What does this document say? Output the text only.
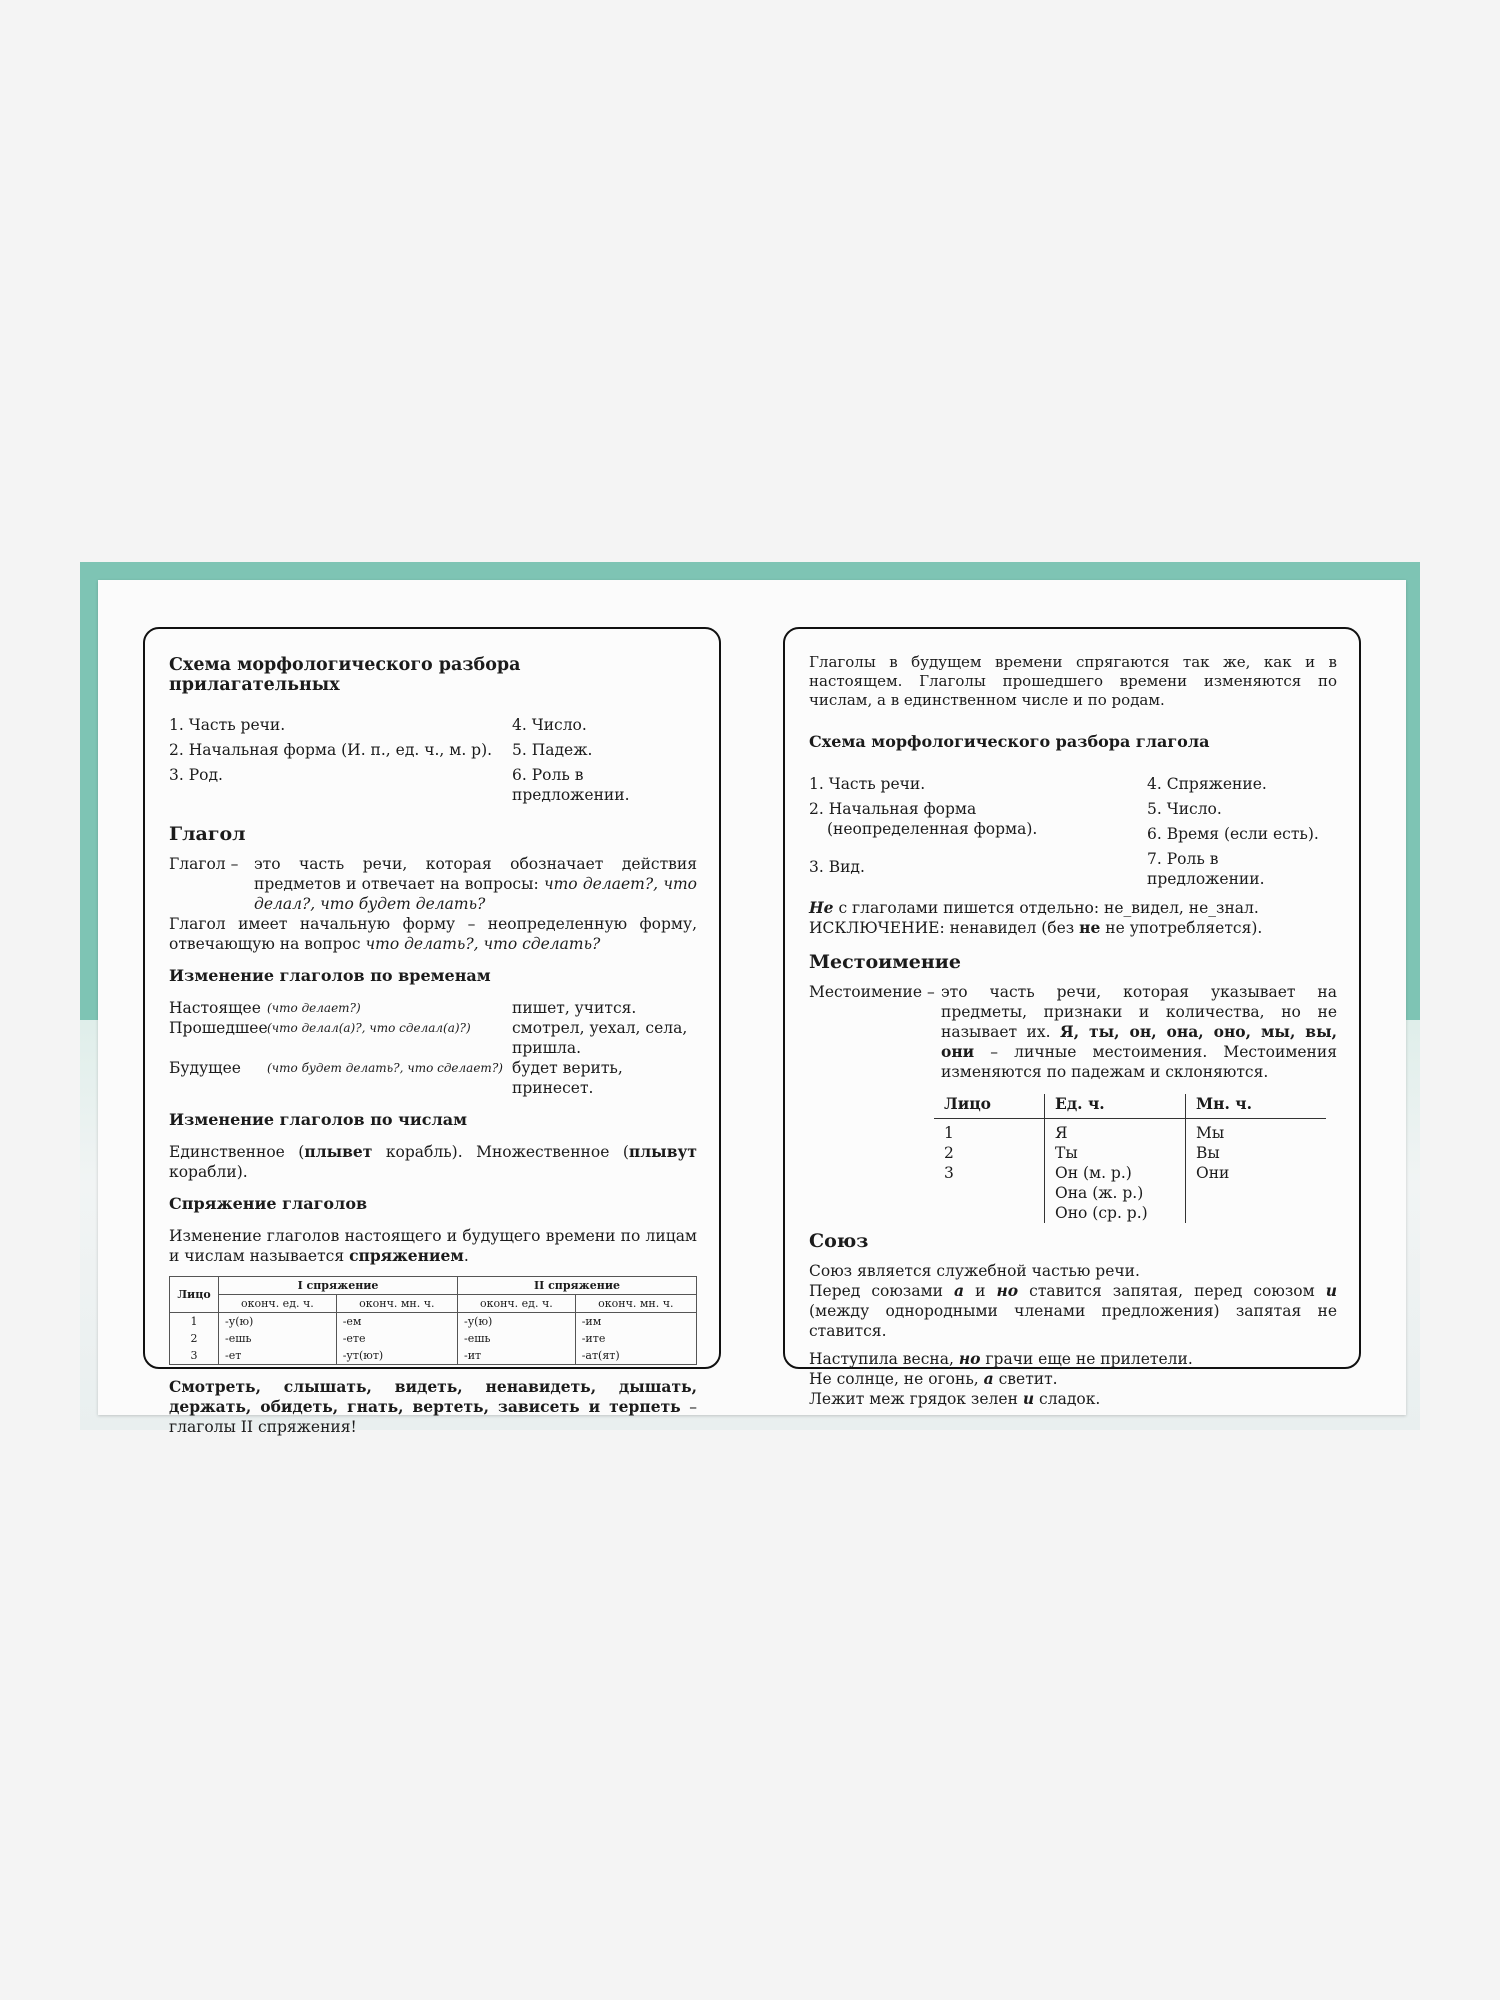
Схема морфологического разбора прилагательных
1. Часть речи.
2. Начальная форма (И. п., ед. ч., м. р).
3. Род.
4. Число.
5. Падеж.
6. Роль в предложении.
Глагол
Глагол –	это часть речи, которая обозначает действия предметов и отвечает на вопросы: что делает?, что делал?, что будет делать?

Глагол имеет начальную форму – неопределенную форму, отвечающую на вопрос что делать?, что сделать?

Изменение глаголов по временам
Настоящее (что делает?)	пишет, учится.
Прошедшее (что делал(а)?, что сделал(а)?)	смотрел, уехал, села, пришла.
Будущее	(что будет делать?, что сделает?) будет верить, принесет.
Изменение глаголов по числам

Единственное (плывет корабль). Множественное (плывут корабли).

Спряжение глаголов

Изменение глаголов настоящего и будущего времени по лицам и числам называется спряжением.

Лицо	I спряжение		II спряжение	
	оконч. ед. ч.	оконч. мн. ч.	оконч. ед. ч.	оконч. мн. ч.
1	-у(ю)	-ем	-у(ю)	-им
2	-ешь	-ете	-ешь	-ите
3	-ет	-ут(ют)	-ит	-ат(ят)

Смотреть, слышать, видеть, ненавидеть, дышать, держать, обидеть, гнать, вертеть, зависеть и терпеть – глаголы II спряжения!

Глаголы в будущем времени спрягаются так же, как и в настоящем. Глаголы прошедшего времени изменяются по числам, а в единственном числе и по родам.

Схема морфологического разбора глагола
1. Часть речи.
2. Начальная форма
(неопределенная форма).
3. Вид.
4. Спряжение.
5. Число.
6. Время (если есть).
7. Роль в предложении.

Не с глаголами пишется отдельно: не_видел, не_знал.

ИСКЛЮЧЕНИЕ: ненавидел (без не не употребляется).

Местоимение
Местоимение – это часть речи, которая указывает на предметы, признаки и количества, но не называет их. Я, ты, он, она, оно, мы, вы, они – личные местоимения. Местоимения изменяются по падежам и склоняются.
Лицо	Ед. ч.	Мн. ч.
1	Я	Мы
2	Ты	Вы
3	Он (м. р.)
Она (ж. р.)
Оно (ср. р.)	Они
Союз

Союз является служебной частью речи.

Перед союзами а и но ставится запятая, перед союзом и (между однородными членами предложения) запятая не ставится.

Наступила весна, но грачи еще не прилетели.

Не солнце, не огонь, а светит.

Лежит меж грядок зелен и сладок.
